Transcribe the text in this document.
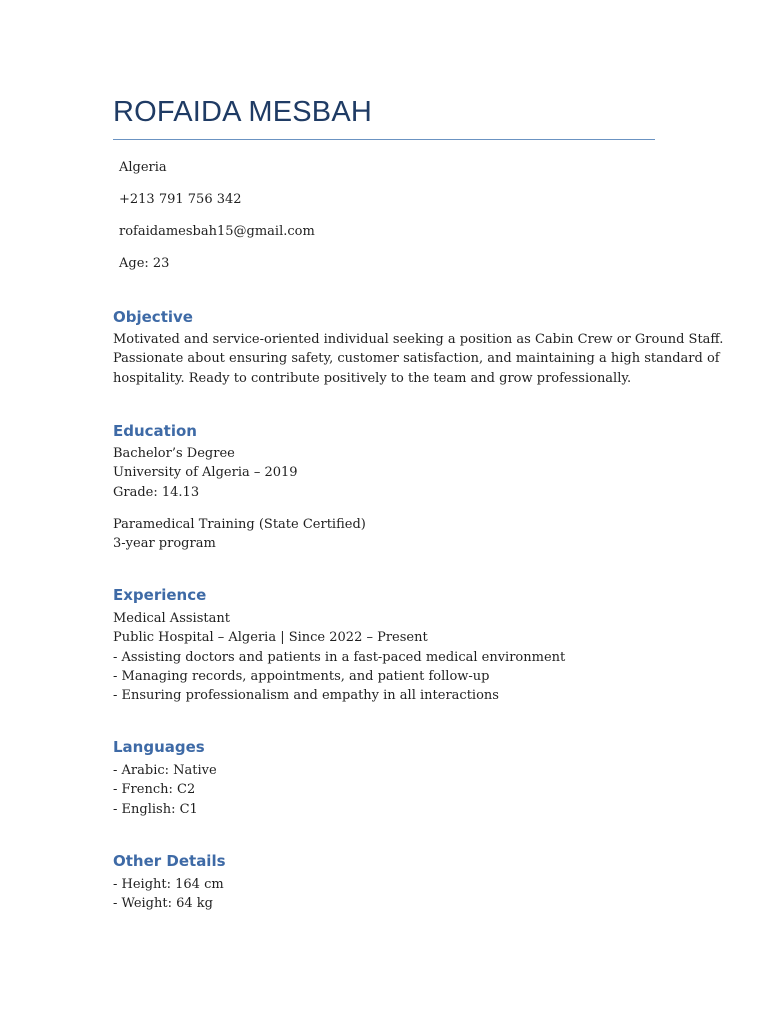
ROFAIDA MESBAH
Algeria
+213 791 756 342
rofaidamesbah15@gmail.com
Age: 23
Objective
Motivated and service-oriented individual seeking a position as Cabin Crew or Ground Staff.
Passionate about ensuring safety, customer satisfaction, and maintaining a high standard of
hospitality. Ready to contribute positively to the team and grow professionally.
Education
Bachelor’s Degree
University of Algeria – 2019
Grade: 14.13
Paramedical Training (State Certified)
3-year program
Experience
Medical Assistant
Public Hospital – Algeria | Since 2022 – Present
- Assisting doctors and patients in a fast-paced medical environment
- Managing records, appointments, and patient follow-up
- Ensuring professionalism and empathy in all interactions
Languages
- Arabic: Native
- French: C2
- English: C1
Other Details
- Height: 164 cm
- Weight: 64 kg
